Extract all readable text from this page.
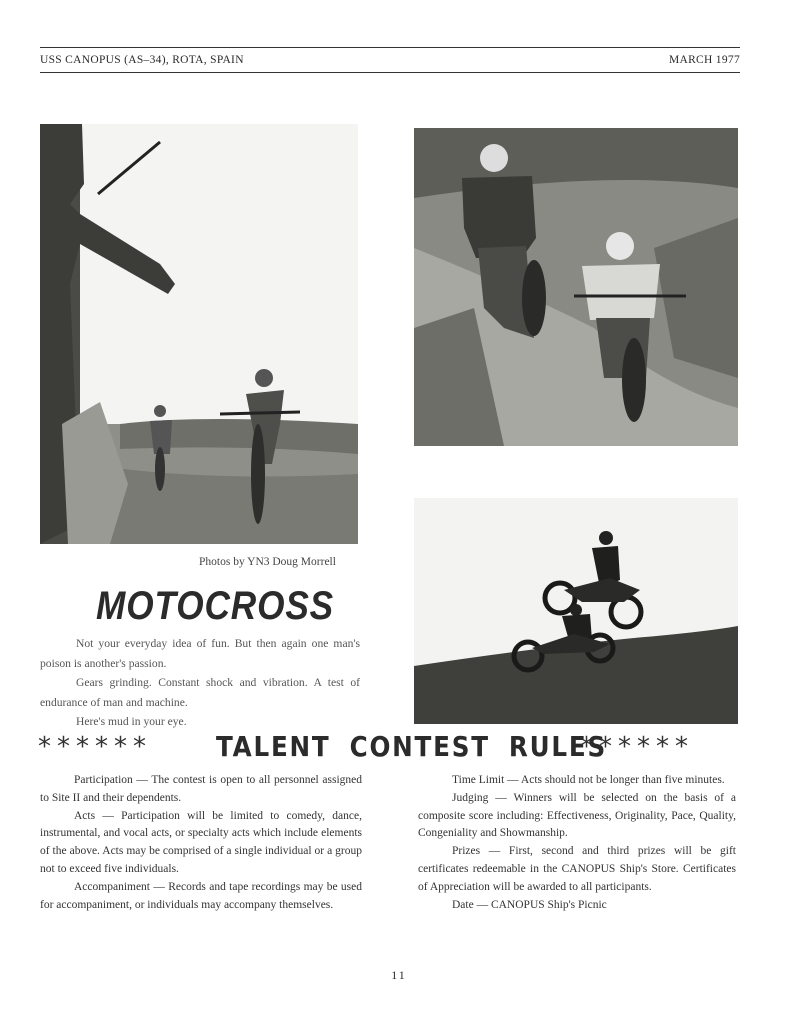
USS CANOPUS (AS–34), ROTA, SPAIN	MARCH 1977
Photos by YN3 Doug Morrell
MOTOCROSS

Not your everyday idea of fun. But then again one man's poison is another's passion.

Gears grinding. Constant shock and vibration. A test of endurance of man and machine.

Here's mud in your eye.

****** TALENT CONTEST RULES
******

Participation — The contest is open to all personnel assigned to Site II and their dependents.

Acts — Participation will be limited to comedy, dance, instrumental, and vocal acts, or specialty acts which include elements of the above. Acts may be comprised of a single individual or a group not to exceed five individuals.

Accompaniment — Records and tape recordings may be used for accompaniment, or individuals may accompany themselves.

Time Limit — Acts should not be longer than five minutes.

Judging — Winners will be selected on the basis of a composite score including: Effectiveness, Originality, Pace, Quality, Congeniality and Showmanship.

Prizes — First, second and third prizes will be gift certificates redeemable in the CANOPUS Ship's Store. Certificates of Appreciation will be awarded to all participants.

Date — CANOPUS Ship's Picnic

11
